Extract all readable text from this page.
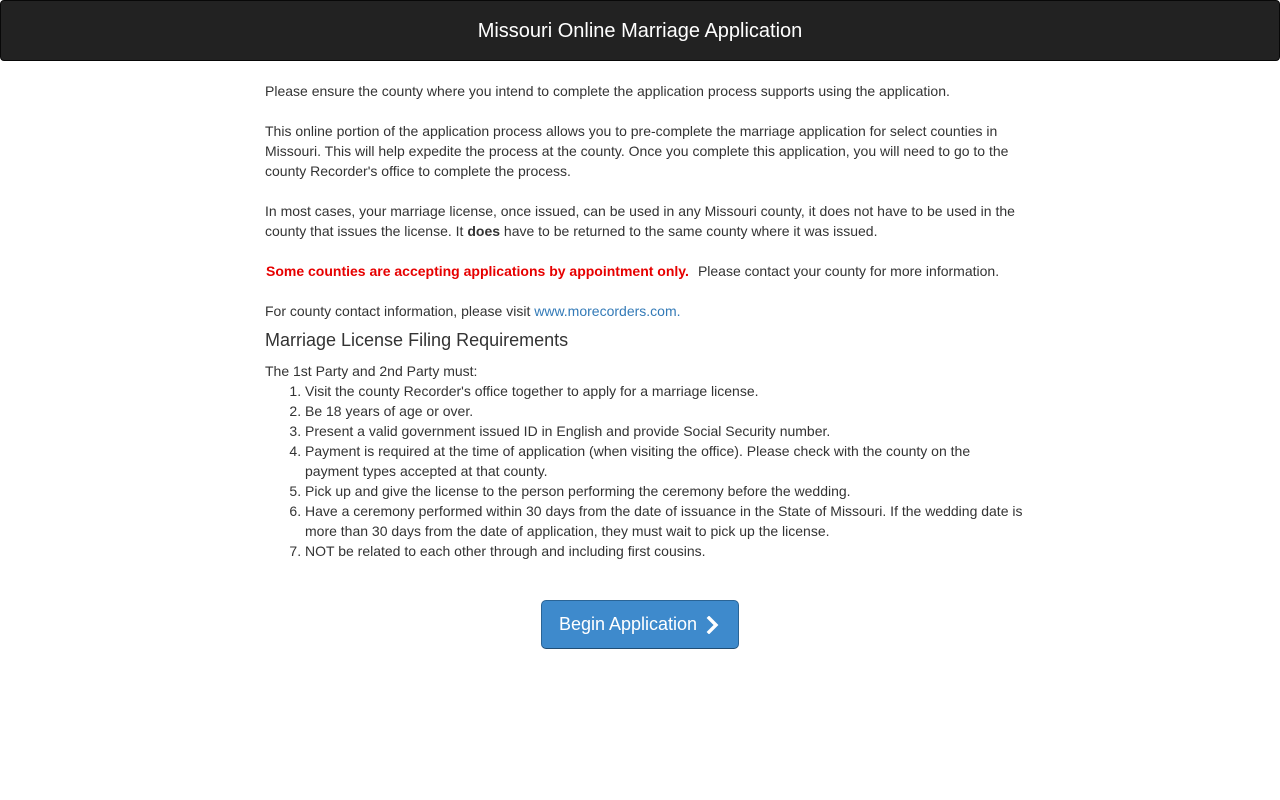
Missouri Online Marriage Application

Please ensure the county where you intend to complete the application process supports using the application.

This online portion of the application process allows you to pre-complete the marriage application for select counties in Missouri. This will help expedite the process at the county. Once you complete this application, you will need to go to the county Recorder's office to complete the process.

In most cases, your marriage license, once issued, can be used in any Missouri county, it does not have to be used in the county that issues the license. It does have to be returned to the same county where it was issued.

Some counties are accepting applications by appointment only. Please contact your county for more information.

For county contact information, please visit www.morecorders.com.

Marriage License Filing Requirements
The 1st Party and 2nd Party must:
1. Visit the county Recorder's office together to apply for a marriage license.
2. Be 18 years of age or over.
3. Present a valid government issued ID in English and provide Social Security number.
4. Payment is required at the time of application (when visiting the office). Please check with the county on the payment types accepted at that county.
5. Pick up and give the license to the person performing the ceremony before the wedding.
6. Have a ceremony performed within 30 days from the date of issuance in the State of Missouri. If the wedding date is more than 30 days from the date of application, they must wait to pick up the license.
7. NOT be related to each other through and including first cousins.
Begin Application
